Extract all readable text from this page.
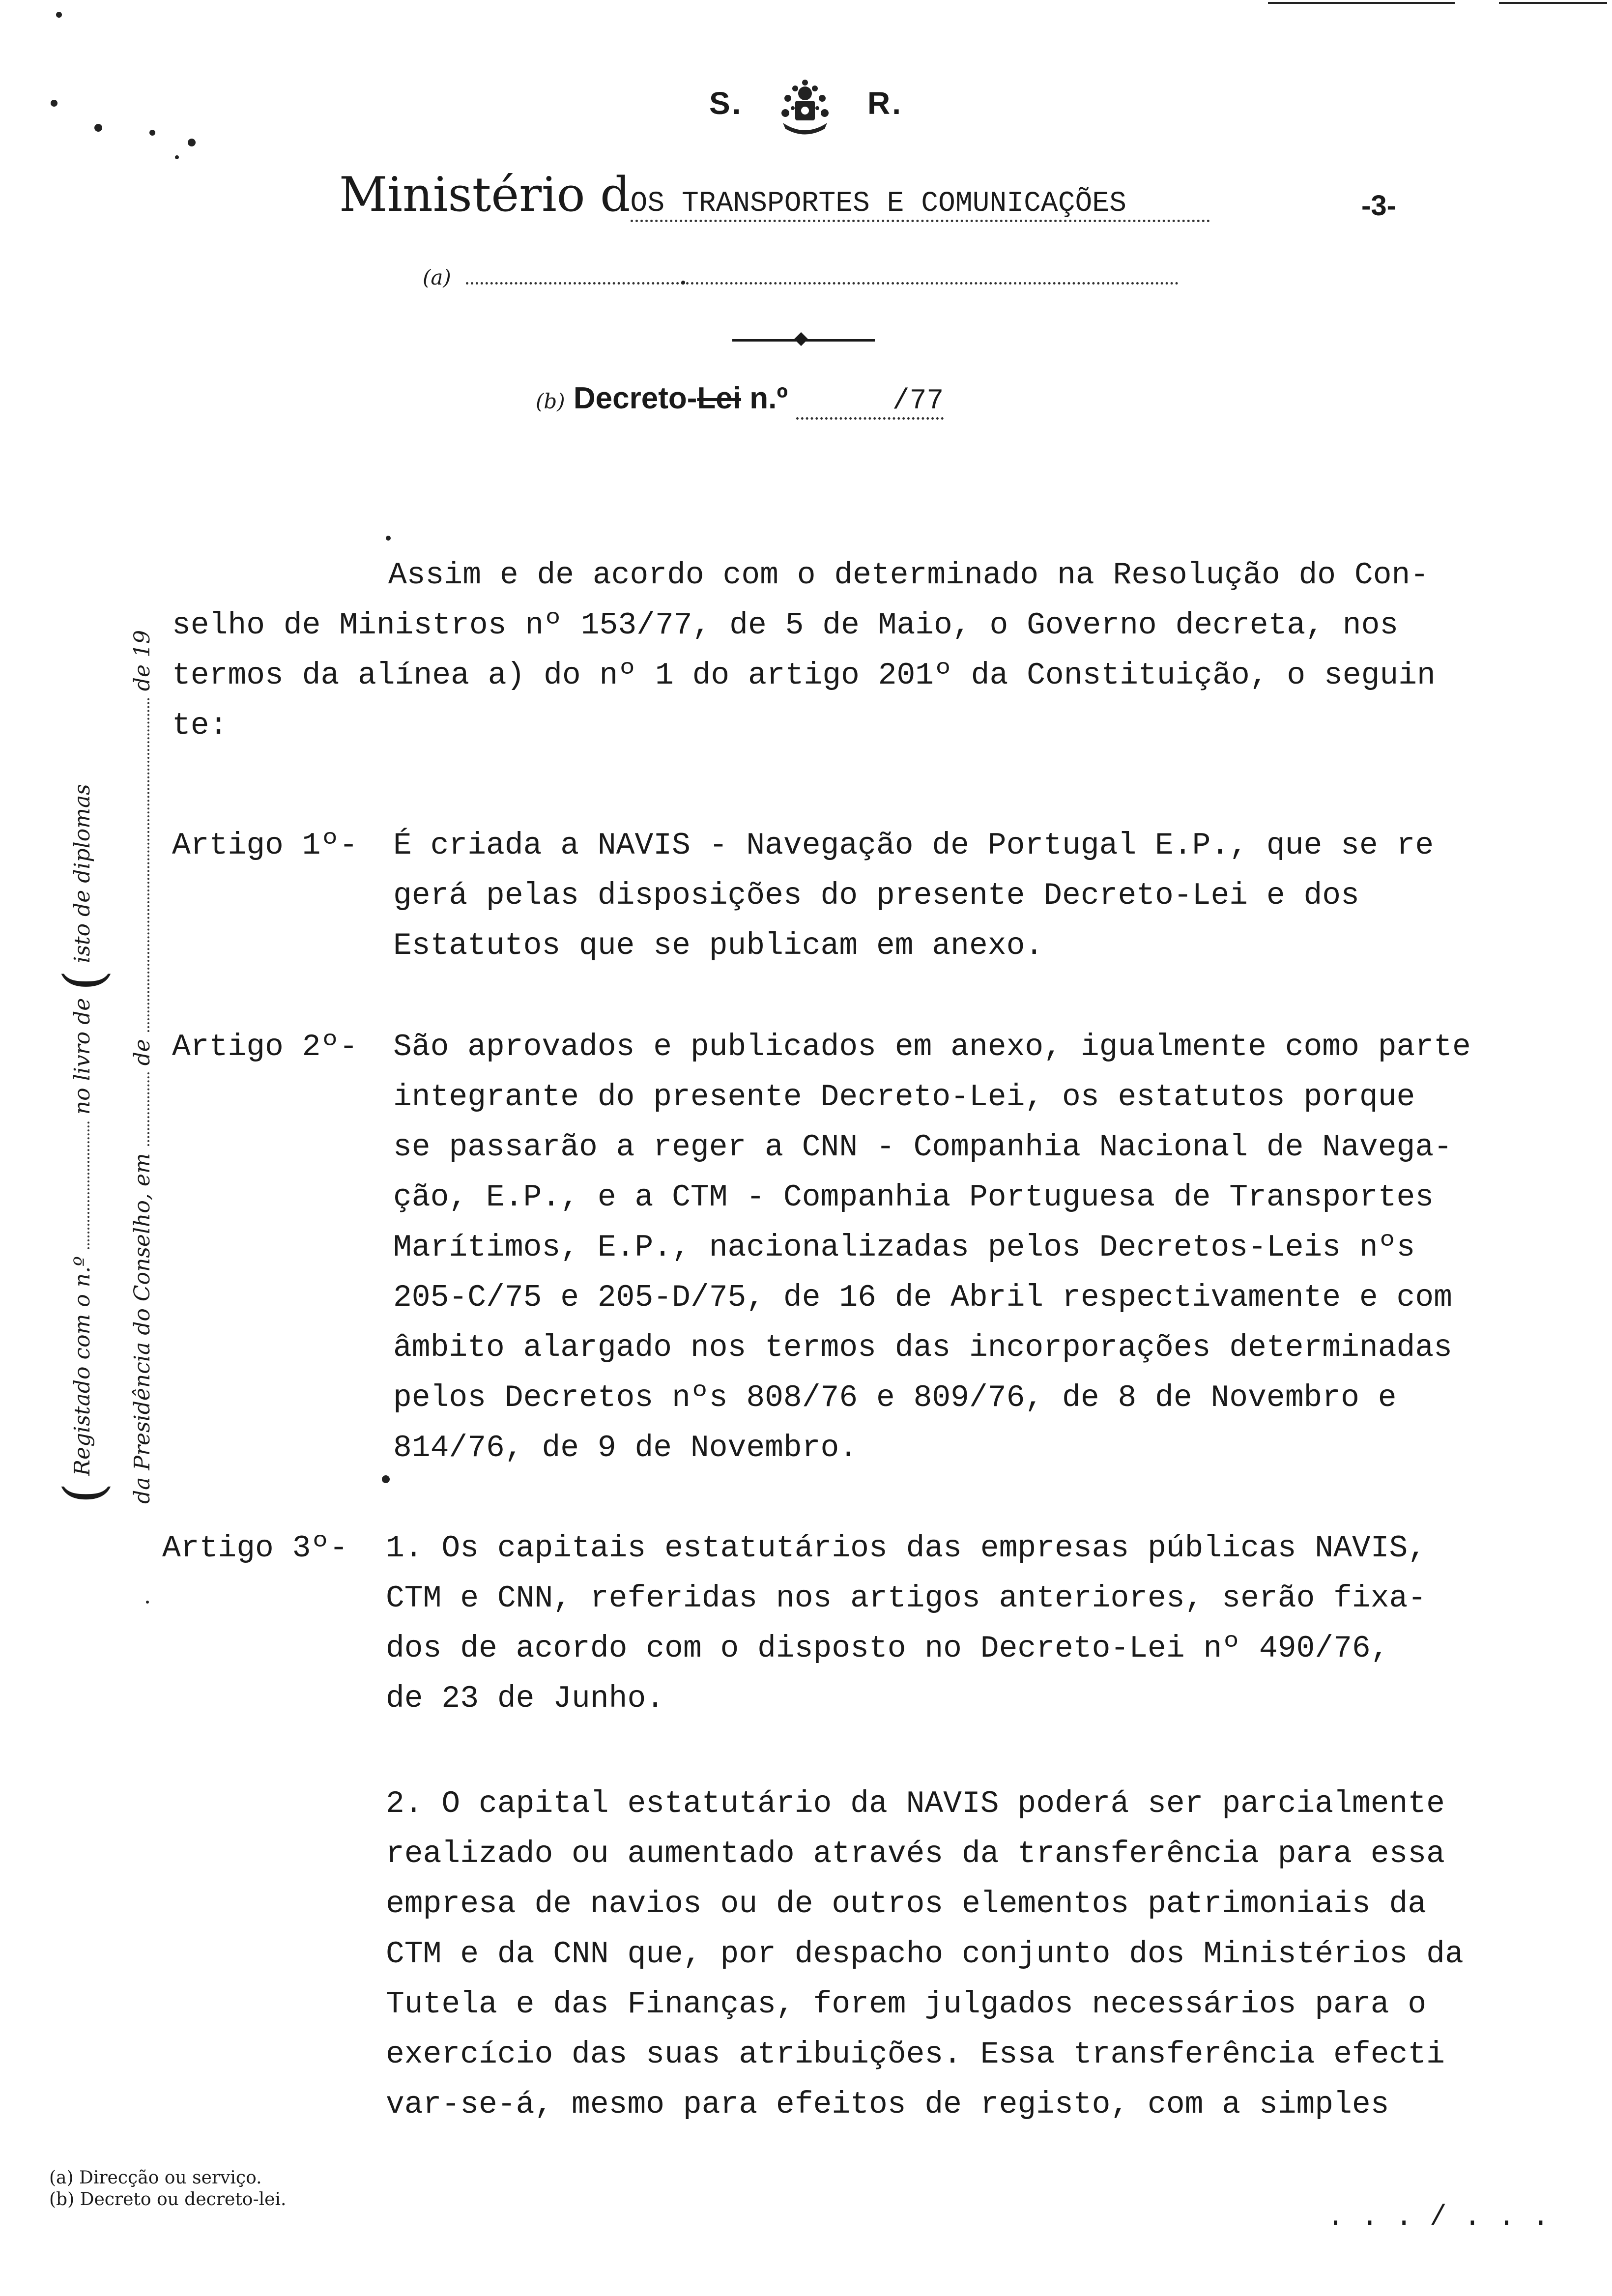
S.	R.
Ministério dOS TRANSPORTES E COMUNICAÇÕES	-3-
(a)
(b) Decreto-Lei n.º	/77
( Registado com o n.º  no livro de ( isto de diplomas
da Presidência do Conselho, em  de  de 19
Assim e de acordo com o determinado na Resolução do Con-
selho de Ministros nº 153/77, de 5 de Maio, o Governo decreta, nos
termos da alínea a) do nº 1 do artigo 201º da Constituição, o seguin
te:
Artigo 1º- É criada a NAVIS - Navegação de Portugal E.P., que se re
gerá pelas disposições do presente Decreto-Lei e dos
Estatutos que se publicam em anexo.
Artigo 2º- São aprovados e publicados em anexo, igualmente como parte
integrante do presente Decreto-Lei, os estatutos porque
se passarão a reger a CNN - Companhia Nacional de Navega-
ção, E.P., e a CTM - Companhia Portuguesa de Transportes
Marítimos, E.P., nacionalizadas pelos Decretos-Leis nºs
205-C/75 e 205-D/75, de 16 de Abril respectivamente e com
âmbito alargado nos termos das incorporações determinadas
pelos Decretos nºs 808/76 e 809/76, de 8 de Novembro e
814/76, de 9 de Novembro.
Artigo 3º- 1. Os capitais estatutários das empresas públicas NAVIS,
CTM e CNN, referidas nos artigos anteriores, serão fixa-
dos de acordo com o disposto no Decreto-Lei nº 490/76,
de 23 de Junho.
2. O capital estatutário da NAVIS poderá ser parcialmente
realizado ou aumentado através da transferência para essa
empresa de navios ou de outros elementos patrimoniais da
CTM e da CNN que, por despacho conjunto dos Ministérios da
Tutela e das Finanças, forem julgados necessários para o
exercício das suas atribuições. Essa transferência efecti
var-se-á, mesmo para efeitos de registo, com a simples
(a) Direcção ou serviço.
(b) Decreto ou decreto-lei.
. . . / . . .
